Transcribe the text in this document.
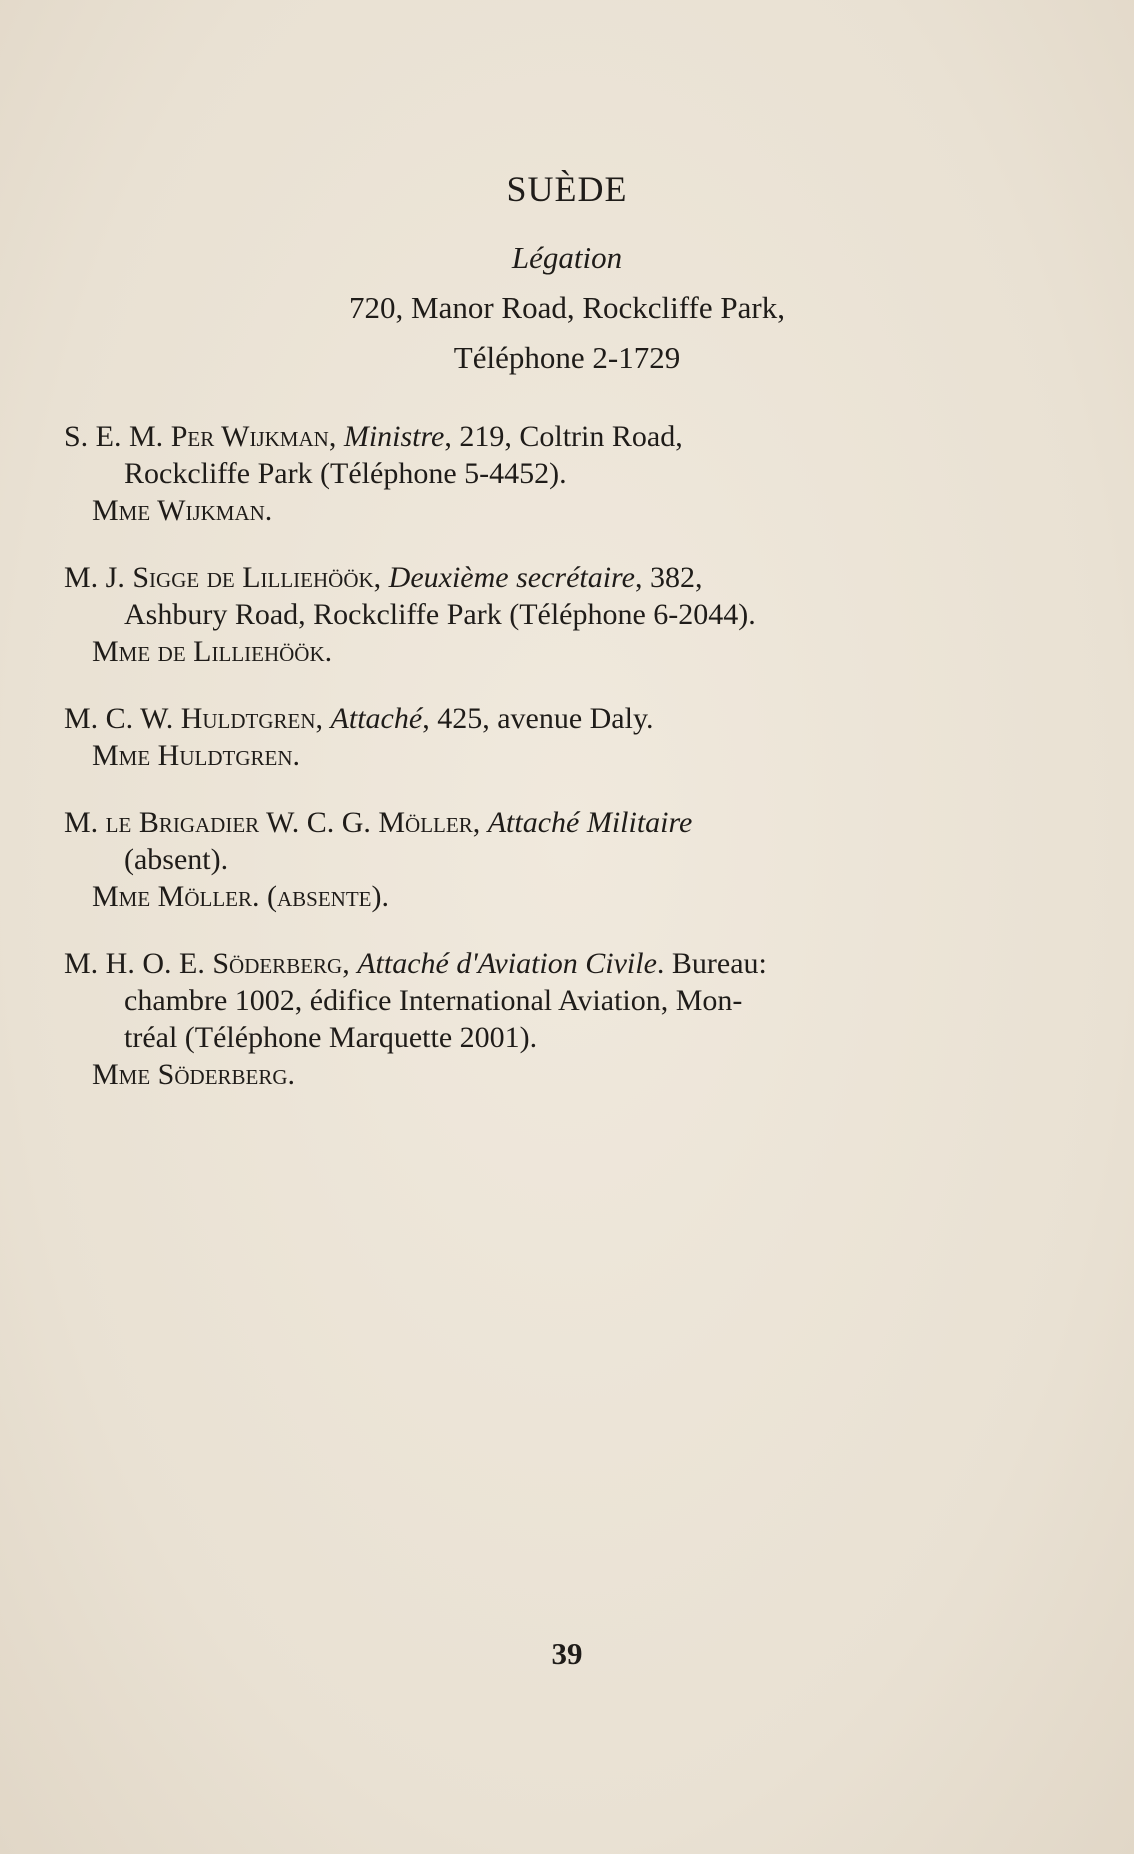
SUÈDE
Légation
720, Manor Road, Rockcliffe Park,
Téléphone 2-1729
S. E. M. Per Wijkman, Ministre, 219, Coltrin Road,
Rockcliffe Park (Téléphone 5-4452).
Mme Wijkman.
M. J. Sigge de Lilliehöök, Deuxième secrétaire, 382,
Ashbury Road, Rockcliffe Park (Téléphone 6-2044).
Mme de Lilliehöök.
M. C. W. Huldtgren, Attaché, 425, avenue Daly.
Mme Huldtgren.
M. le Brigadier W. C. G. Möller, Attaché Militaire
(absent).
Mme Möller. (absente).
M. H. O. E. Söderberg, Attaché d'Aviation Civile. Bureau:
chambre 1002, édifice International Aviation, Mon-
tréal (Téléphone Marquette 2001).
Mme Söderberg.
39
